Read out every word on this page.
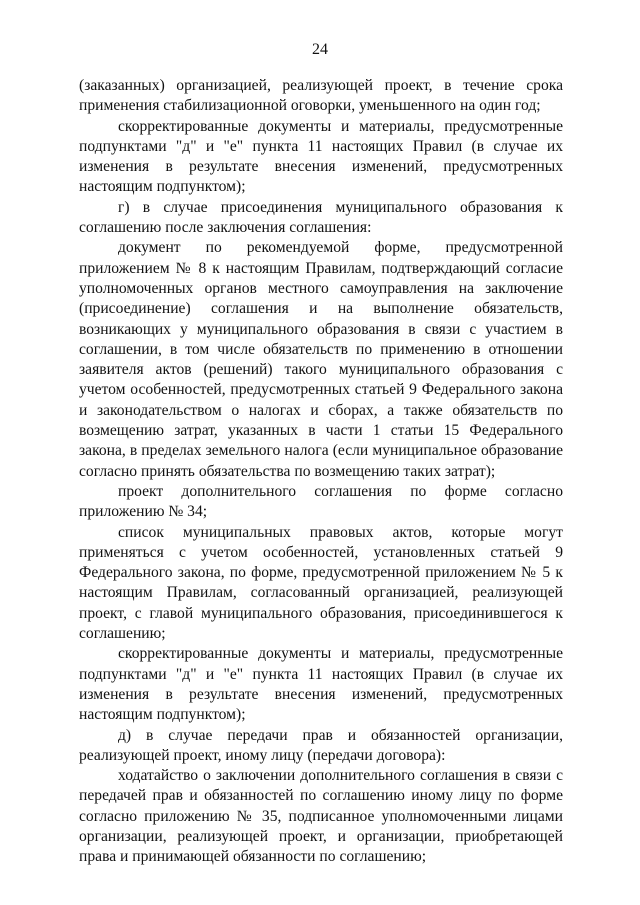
24

(заказанных) организацией, реализующей проект, в течение срока применения стабилизационной оговорки, уменьшенного на один год;

скорректированные документы и материалы, предусмотренные подпунктами "д" и "е" пункта 11 настоящих Правил (в случае их изменения в результате внесения изменений, предусмотренных настоящим подпунктом);

г) в случае присоединения муниципального образования к соглашению после заключения соглашения:

документ по рекомендуемой форме, предусмотренной приложением № 8 к настоящим Правилам, подтверждающий согласие уполномоченных органов местного самоуправления на заключение (присоединение) соглашения и на выполнение обязательств, возникающих у муниципального образования в связи с участием в соглашении, в том числе обязательств по применению в отношении заявителя актов (решений) такого муниципального образования с учетом особенностей, предусмотренных статьей 9 Федерального закона и законодательством о налогах и сборах, а также обязательств по возмещению затрат, указанных в части 1 статьи 15 Федерального закона, в пределах земельного налога (если муниципальное образование согласно принять обязательства по возмещению таких затрат);

проект дополнительного соглашения по форме согласно приложению № 34;

список муниципальных правовых актов, которые могут применяться с учетом особенностей, установленных статьей 9 Федерального закона, по форме, предусмотренной приложением № 5 к настоящим Правилам, согласованный организацией, реализующей проект, с главой муниципального образования, присоединившегося к соглашению;

скорректированные документы и материалы, предусмотренные подпунктами "д" и "е" пункта 11 настоящих Правил (в случае их изменения в результате внесения изменений, предусмотренных настоящим подпунктом);

д) в случае передачи прав и обязанностей организации, реализующей проект, иному лицу (передачи договора):

ходатайство о заключении дополнительного соглашения в связи с передачей прав и обязанностей по соглашению иному лицу по форме согласно приложению № 35, подписанное уполномоченными лицами организации, реализующей проект, и организации, приобретающей права и принимающей обязанности по соглашению;
